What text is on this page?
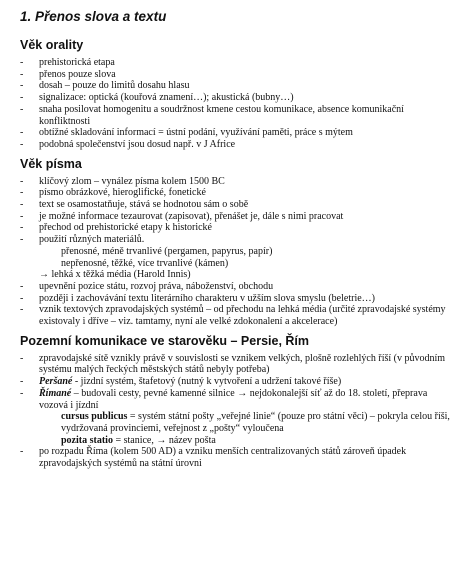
1. Přenos slova a textu
Věk orality
- prehistorická etapa
- přenos pouze slova
- dosah – pouze do limitů dosahu hlasu
- signalizace: optická (kouřová znamení…); akustická (bubny…)
- snaha posilovat homogenitu a soudržnost kmene cestou komunikace, absence komunikační konfliktnosti
- obtížné skladování informací = ústní podání, využívání paměti, práce s mýtem
- podobná společenství jsou dosud např. v J Africe
Věk písma
- klíčový zlom – vynález písma kolem 1500 BC
- písmo obrázkové, hieroglifické, fonetické
- text se osamostatňuje, stává se hodnotou sám o sobě
- je možné informace tezaurovat (zapisovat), přenášet je, dále s nimi pracovat
- přechod od prehistorické etapy k historické
- použití různých materiálů.
přenosné, méně trvanlivé (pergamen, papyrus, papír)
nepřenosné, těžké, více trvanlivé (kámen)
→ lehká x těžká média (Harold Innis)
- upevnění pozice státu, rozvoj práva, náboženství, obchodu
- později i zachovávání textu literárního charakteru v užším slova smyslu (beletrie…)
- vznik textových zpravodajských systémů – od přechodu na lehká média (určité zpravodajské systémy existovaly i dříve – viz. tamtamy, nyní ale velké zdokonalení a akcelerace)
Pozemní komunikace ve starověku – Persie, Řím
- zpravodajské sítě vznikly právě v souvislosti se vznikem velkých, plošně rozlehlých říší (v původním systému malých řeckých městských států nebyly potřeba)
- Peršané - jizdní systém, štafetový (nutný k vytvoření a udržení takové říše)
- Římané – budovali cesty, pevné kamenné silnice → nejdokonalejší síť až do 18. století, přeprava vozová i jízdní
cursus publicus = systém státní pošty „veřejné linie“ (pouze pro státní věci) – pokryla celou říši, vydržovaná provinciemi, veřejnost z „pošty“ vyloučena
pozita statio = stanice, → název pošta
- po rozpadu Říma (kolem 500 AD) a vzniku menších centralizovaných států zároveň úpadek zpravodajských systémů na státní úrovni
